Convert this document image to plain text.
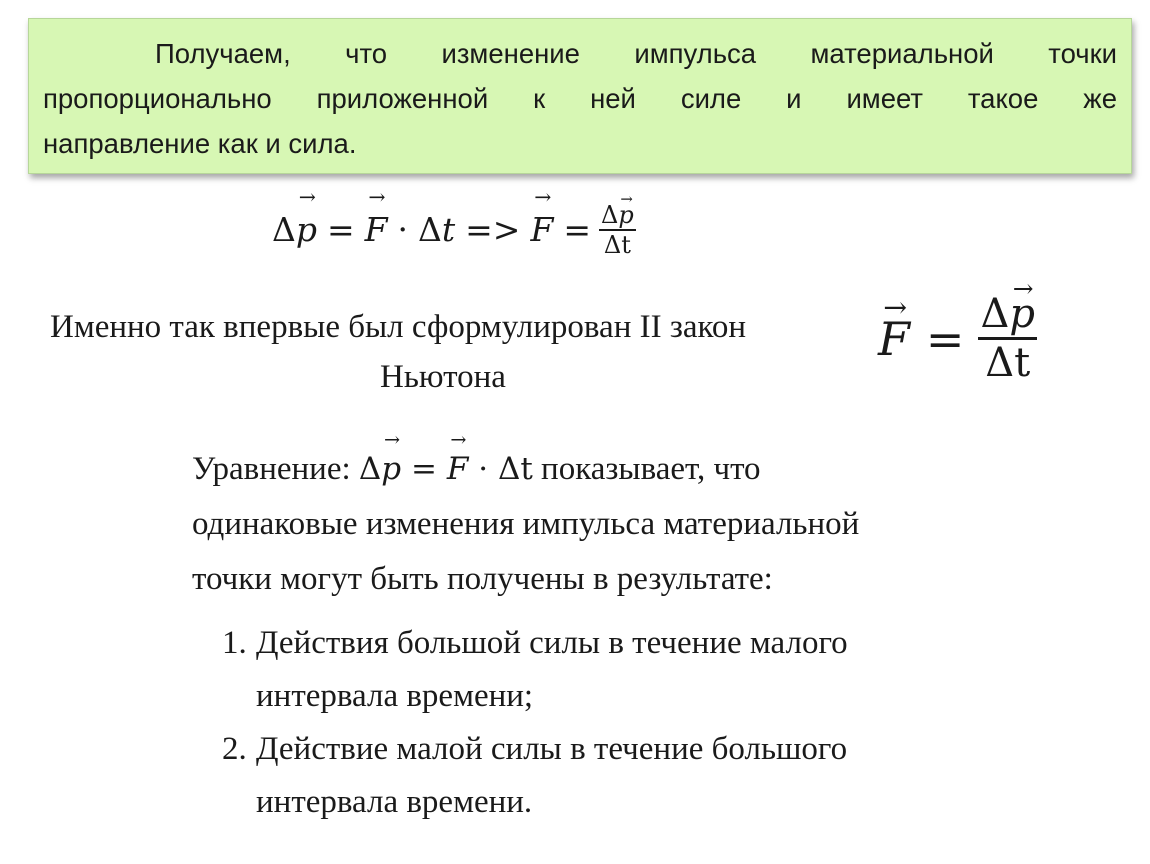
Получаем, что изменение импульса материальной точки
пропорционально приложенной к ней силе и имеет такое же
направление как и сила.
Δ → p = → F · Δ t => → $F = \frac{\Delta\to p}{\Delta t}$
Именно так впервые был сформулирован II закон
Ньютона
→ $F = \frac{\Delta\to p}{\Delta t}$
Уравнение: Δ→ p = → F · Δt показывает, что
одинаковые изменения импульса материальной
точки могут быть получены в результате:
1. Действия большой силы в течение малого
интервала времени;
2. Действие малой силы в течение большого
интервала времени.
